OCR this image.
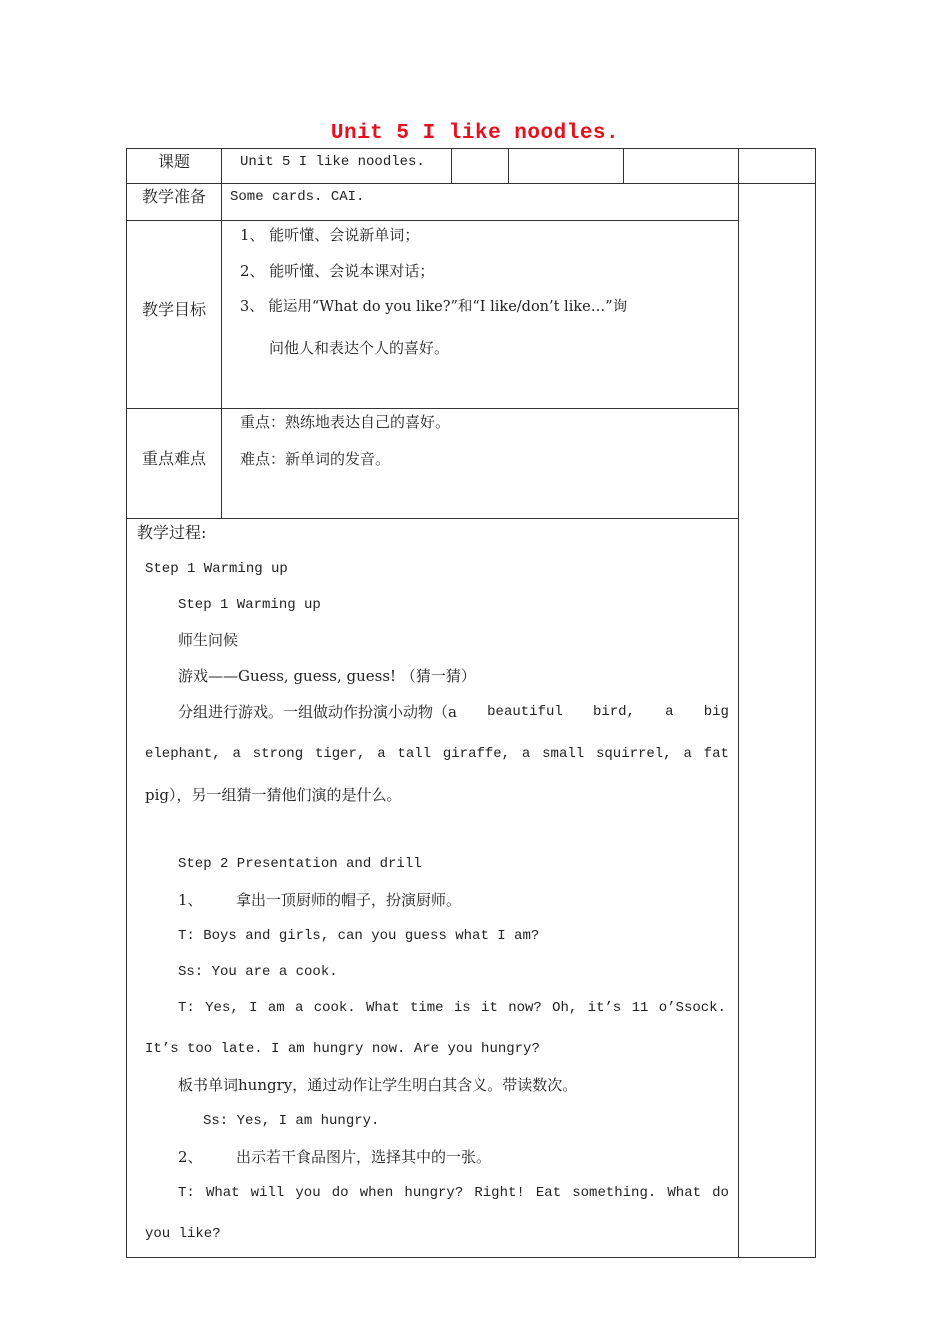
Unit 5 I like noodles.
课题	Unit 5 I like noodles.
教学准备	Some cards. CAI.
教学目标
1、 能听懂、会说新单词；
2、 能听懂、会说本课对话；
3、 能运用“What do you like?”和“I like/don’t like…”询
问他人和表达个人的喜好。
重点难点
重点：熟练地表达自己的喜好。
难点：新单词的发音。
教学过程:
Step 1 Warming up
Step 1 Warming up
师生问候
游戏——Guess, guess, guess! （猜一猜）
分组进行游戏。一组做动作扮演小动物（a beautiful bird, a big
elephant, a strong tiger, a tall giraffe, a small squirrel, a fat
pig），另一组猜一猜他们演的是什么。
Step 2 Presentation and drill
1、 拿出一顶厨师的帽子，扮演厨师。
T: Boys and girls, can you guess what I am?
Ss: You are a cook.
T: Yes, I am a cook. What time is it now? Oh, it’s 11 o’Ssock.
It’s too late. I am hungry now. Are you hungry?
板书单词hungry，通过动作让学生明白其含义。带读数次。
Ss: Yes, I am hungry.
2、 出示若干食品图片，选择其中的一张。
T: What will you do when hungry? Right! Eat something. What do
you like?
